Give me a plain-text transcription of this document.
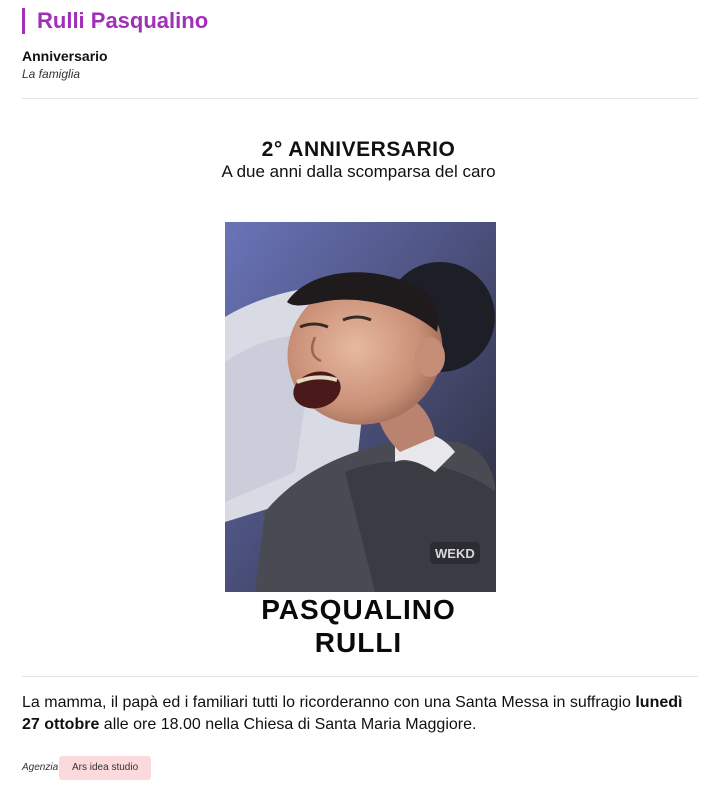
Rulli Pasqualino
Anniversario
La famiglia
2° ANNIVERSARIO
A due anni dalla scomparsa del caro
WEKD
PASQUALINO
RULLI
La mamma, il papà ed i familiari tutti lo ricorderanno con una Santa Messa in suffragio lunedì 27 ottobre alle ore 18.00 nella Chiesa di Santa Maria Maggiore.
Agenzia	Ars idea studio
